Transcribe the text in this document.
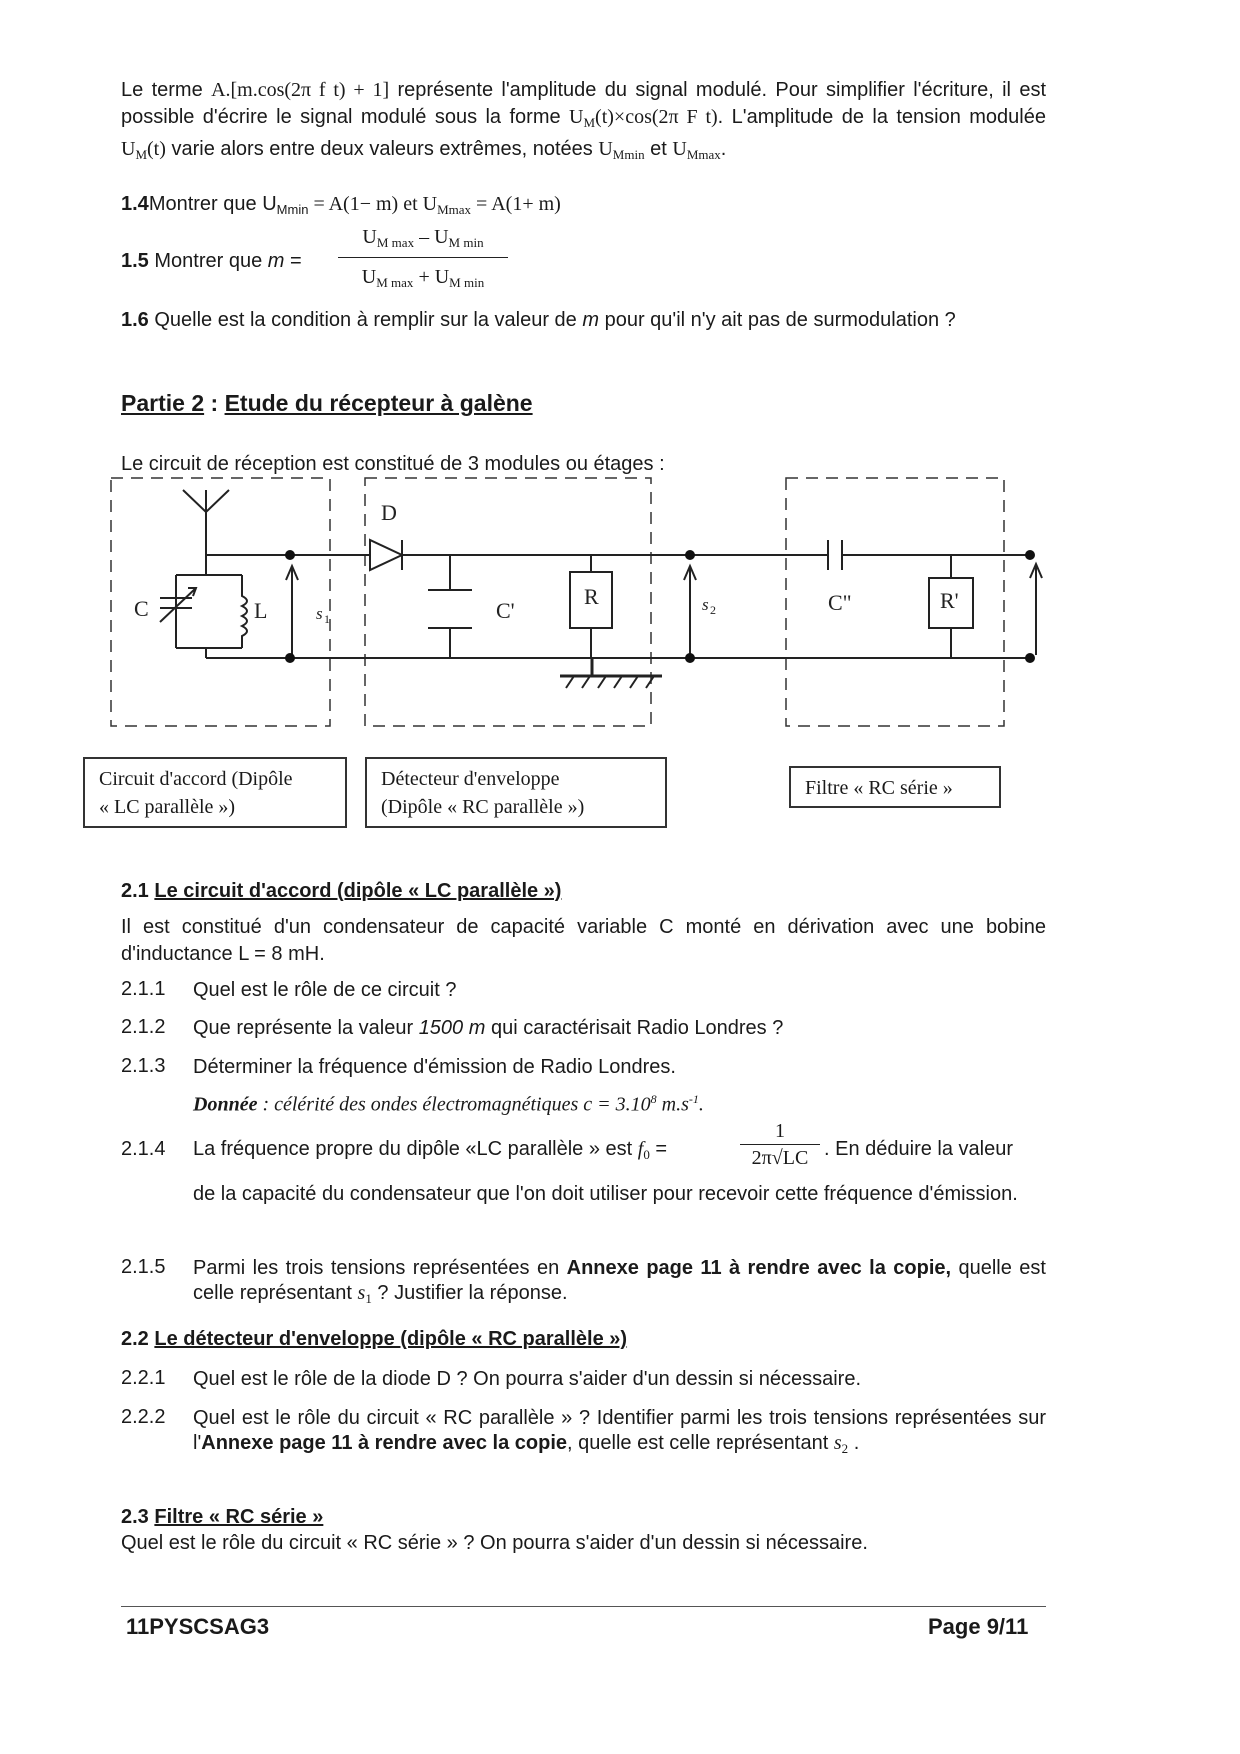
Le terme A.[m.cos(2π f t) + 1] représente l'amplitude du signal modulé. Pour simplifier l'écriture, il est possible d'écrire le signal modulé sous la forme $U_M(t)\times\cos(2\pi$ F t). L'amplitude de la tension modulée $U_M(t)$ varie alors entre deux valeurs extrêmes, notées $U_{Mmin}$ et $U_{Mmax}$.

1.4Montrer que $U_{Mmin} = A(1- m)$ et $U_{Mmax} = A(1+ m)$

1.5 Montrer que m =

$U_{M max} - U_{M min}$
$U_{M max} + U_{M min}$

1.6 Quelle est la condition à remplir sur la valeur de m pour qu'il n'y ait pas de surmodulation ?

Partie 2 : Etude du récepteur à galène

Le circuit de réception est constitué de 3 modules ou étages :

C	L	s 1
D
C'
R	s 2	C"	R'
Circuit d'accord (Dipôle
« LC parallèle »)
Détecteur d'enveloppe
(Dipôle « RC parallèle »)
Filtre « RC série »

2.1 Le circuit d'accord (dipôle « LC parallèle »)

Il est constitué d'un condensateur de capacité variable C monté en dérivation avec une bobine d'inductance L = 8 mH.

2.1.1 Quel est le rôle de ce circuit ?

2.1.2 Que représente la valeur 1500 m qui caractérisait Radio Londres ?

2.1.3 Déterminer la fréquence d'émission de Radio Londres.

Donnée : célérité des ondes électromagnétiques $c = 3.10^8$ $m.s^{-1}$.

2.1.4 La fréquence propre du dipôle «LC parallèle » est $f_0$ =

1
2π√LC . En déduire la valeur

de la capacité du condensateur que l'on doit utiliser pour recevoir cette fréquence d'émission.

2.1.5 Parmi les trois tensions représentées en Annexe page 11 à rendre avec la copie, quelle est celle représentant $s_1$ ? Justifier la réponse.

2.2 Le détecteur d'enveloppe (dipôle « RC parallèle »)

2.2.1 Quel est le rôle de la diode D ? On pourra s'aider d'un dessin si nécessaire.

2.2.2 Quel est le rôle du circuit « RC parallèle » ? Identifier parmi les trois tensions représentées sur l'Annexe page 11 à rendre avec la copie, quelle est celle représentant $s_2$ .

2.3 Filtre « RC série »

Quel est le rôle du circuit « RC série » ? On pourra s'aider d'un dessin si nécessaire.

11PYSCSAG3	Page 9/11
